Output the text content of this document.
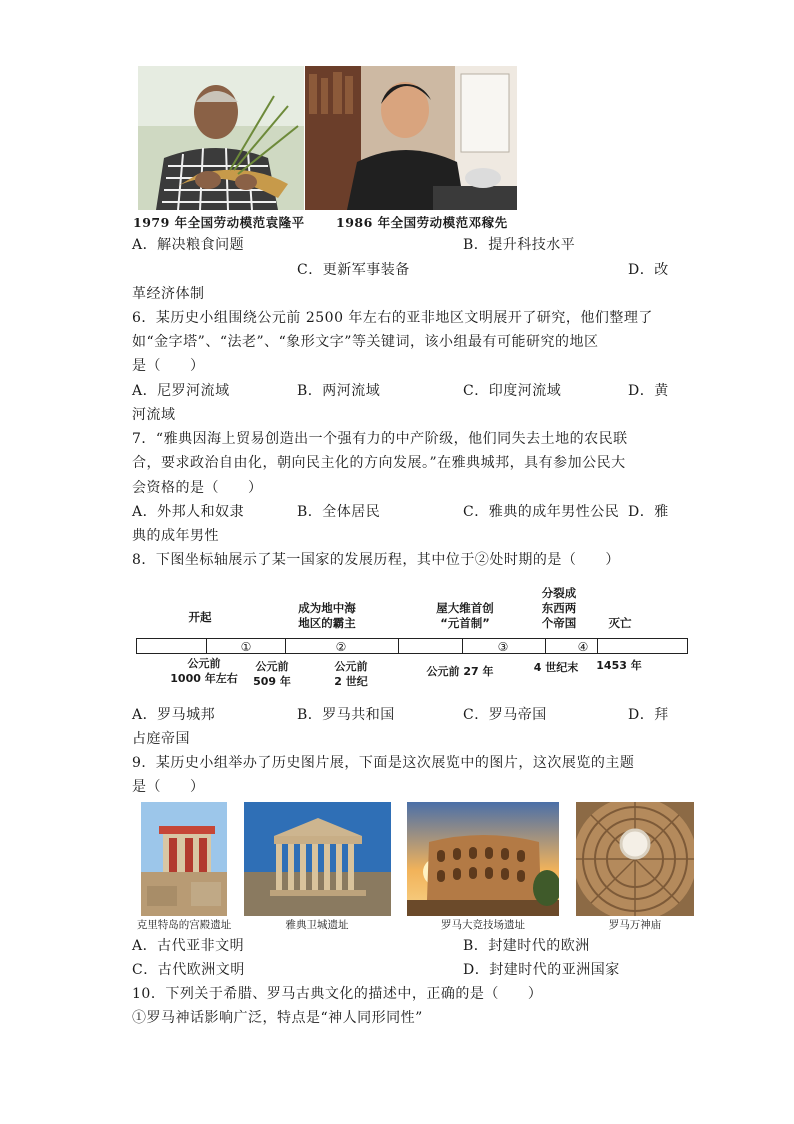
1979 年全国劳动模范袁隆平	1986 年全国劳动模范邓稼先
A．解决粮食问题	B．提升科技水平
C．更新军事装备	D．改
革经济体制
6．某历史小组围绕公元前 2500 年左右的亚非地区文明展开了研究，他们整理了
如“金字塔”、“法老”、“象形文字”等关键词，该小组最有可能研究的地区
是（　　）
A．尼罗河流域	B．两河流域	C．印度河流域	D．黄
河流域
7．“雅典因海上贸易创造出一个强有力的中产阶级，他们同失去土地的农民联
合，要求政治自由化，朝向民主化的方向发展。”在雅典城邦，具有参加公民大
会资格的是（　　）
A．外邦人和奴隶	B．全体居民	C．雅典的成年男性公民 D．雅
典的成年男性
8．下图坐标轴展示了某一国家的发展历程，其中位于②处时期的是（　　）
开起
成为地中海
地区的霸主
屋大维首创
“元首制”
分裂成
东西两
个帝国	灭亡
①	②	③	④
公元前
1000 年左右
公元前
509 年
公元前
2 世纪
公元前 27 年	4 世纪末	1453 年
A．罗马城邦	B．罗马共和国	C．罗马帝国	D．拜
占庭帝国
9．某历史小组举办了历史图片展，下面是这次展览中的图片，这次展览的主题
是（　　）
克里特岛的宫殿遗址	雅典卫城遗址	罗马大竞技场遗址	罗马万神庙
A．古代亚非文明	B．封建时代的欧洲
C．古代欧洲文明	D．封建时代的亚洲国家
10．下列关于希腊、罗马古典文化的描述中，正确的是（　　）
①罗马神话影响广泛，特点是“神人同形同性”
